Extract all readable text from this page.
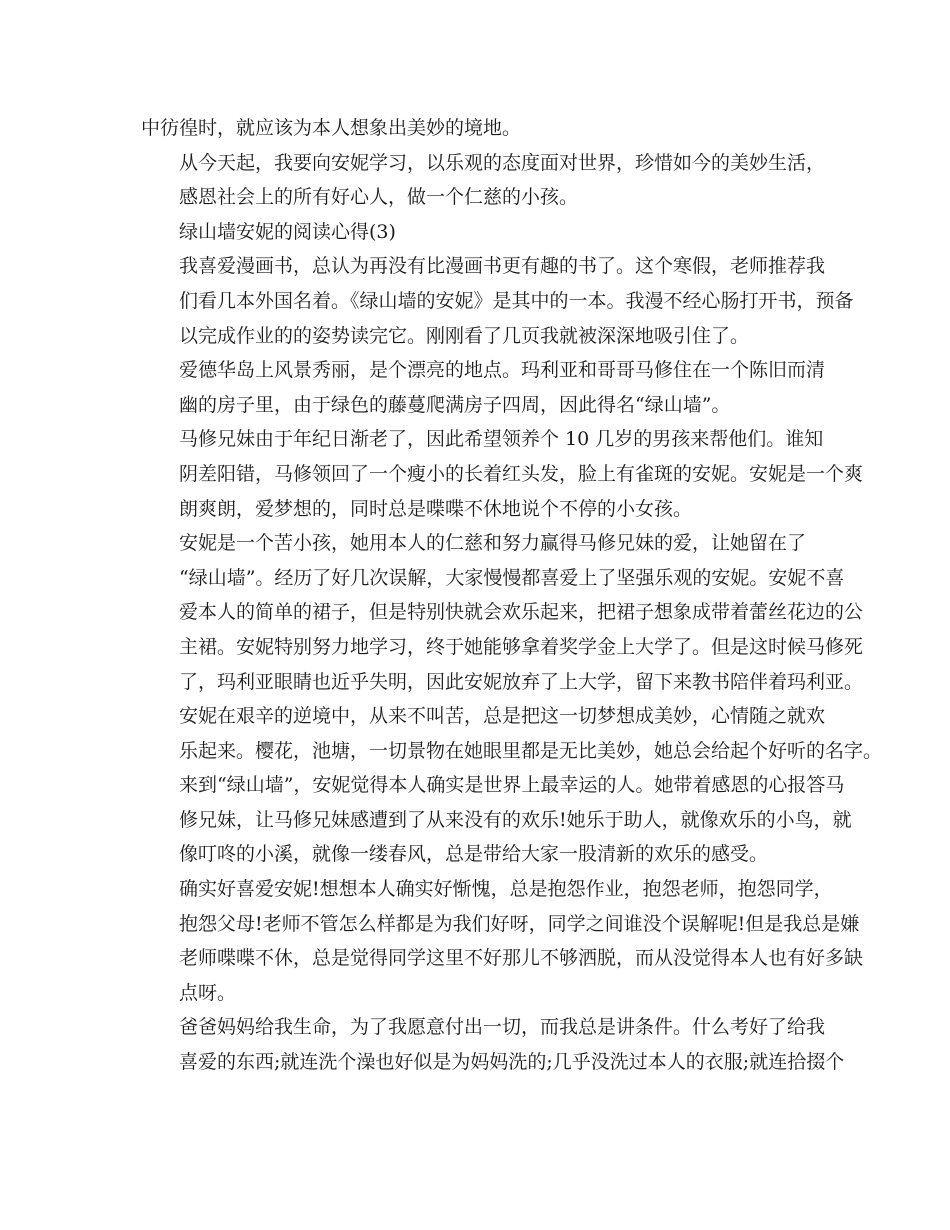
中彷徨时，就应该为本人想象出美妙的境地。
从今天起，我要向安妮学习，以乐观的态度面对世界，珍惜如今的美妙生活，
感恩社会上的所有好心人，做一个仁慈的小孩。
绿山墙安妮的阅读心得(3)
我喜爱漫画书，总认为再没有比漫画书更有趣的书了。这个寒假，老师推荐我
们看几本外国名着。《绿山墙的安妮》是其中的一本。我漫不经心肠打开书，预备
以完成作业的的姿势读完它。刚刚看了几页我就被深深地吸引住了。
爱德华岛上风景秀丽，是个漂亮的地点。玛利亚和哥哥马修住在一个陈旧而清
幽的房子里，由于绿色的藤蔓爬满房子四周，因此得名“绿山墙”。
马修兄妹由于年纪日渐老了，因此希望领养个 10 几岁的男孩来帮他们。谁知
阴差阳错，马修领回了一个瘦小的长着红头发，脸上有雀斑的安妮。安妮是一个爽
朗爽朗，爱梦想的，同时总是喋喋不休地说个不停的小女孩。
安妮是一个苦小孩，她用本人的仁慈和努力赢得马修兄妹的爱，让她留在了
“绿山墙”。经历了好几次误解，大家慢慢都喜爱上了坚强乐观的安妮。安妮不喜
爱本人的简单的裙子，但是特别快就会欢乐起来，把裙子想象成带着蕾丝花边的公
主裙。安妮特别努力地学习，终于她能够拿着奖学金上大学了。但是这时候马修死
了，玛利亚眼睛也近乎失明，因此安妮放弃了上大学，留下来教书陪伴着玛利亚。
安妮在艰辛的逆境中，从来不叫苦，总是把这一切梦想成美妙，心情随之就欢
乐起来。樱花，池塘，一切景物在她眼里都是无比美妙，她总会给起个好听的名字。
来到“绿山墙”，安妮觉得本人确实是世界上最幸运的人。她带着感恩的心报答马
修兄妹，让马修兄妹感遭到了从来没有的欢乐!她乐于助人，就像欢乐的小鸟，就
像叮咚的小溪，就像一缕春风，总是带给大家一股清新的欢乐的感受。
确实好喜爱安妮!想想本人确实好惭愧，总是抱怨作业，抱怨老师，抱怨同学，
抱怨父母!老师不管怎么样都是为我们好呀，同学之间谁没个误解呢!但是我总是嫌
老师喋喋不休，总是觉得同学这里不好那儿不够洒脱，而从没觉得本人也有好多缺
点呀。
爸爸妈妈给我生命，为了我愿意付出一切，而我总是讲条件。什么考好了给我
喜爱的东西;就连洗个澡也好似是为妈妈洗的;几乎没洗过本人的衣服;就连拾掇个
